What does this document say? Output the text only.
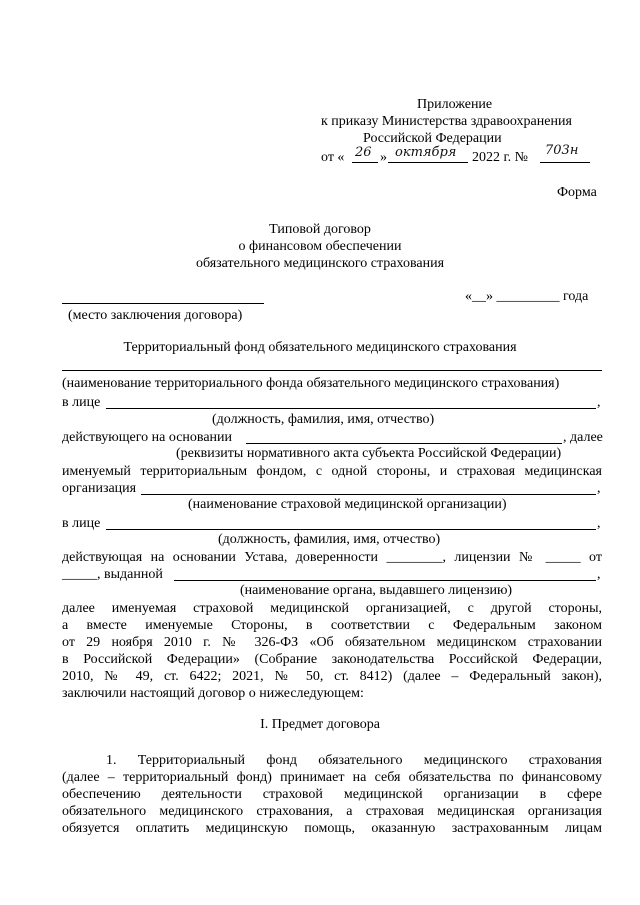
Приложение
к приказу Министерства здравоохранения
Российской Федерации
от « 26 » октября 2022 г. № 703н
Форма
Типовой договор
о финансовом обеспечении
обязательного медицинского страхования
«__» _________ года
(место заключения договора)
Территориальный фонд обязательного медицинского страхования
(наименование территориального фонда обязательного медицинского страхования)
в лице	,
(должность, фамилия, имя, отчество)
действующего на основании	, далее
(реквизиты нормативного акта субъекта Российской Федерации)
именуемый территориальным фондом, с одной стороны, и страховая медицинская
организация	,
(наименование страховой медицинской организации)
в лице	,
(должность, фамилия, имя, отчество)
действующая на основании Устава, доверенности ________, лицензии № _____ от
_____, выданной	,
(наименование органа, выдавшего лицензию)
далее именуемая страховой медицинской организацией, с другой стороны,
а вместе именуемые Стороны, в соответствии с Федеральным законом
от 29 ноября 2010 г. № 326-ФЗ «Об обязательном медицинском страховании
в Российской Федерации» (Собрание законодательства Российской Федерации,
2010, № 49, ст. 6422; 2021, № 50, ст. 8412) (далее – Федеральный закон),
заключили настоящий договор о нижеследующем:
I. Предмет договора
1. Территориальный фонд обязательного медицинского страхования
(далее – территориальный фонд) принимает на себя обязательства по финансовому
обеспечению деятельности страховой медицинской организации в сфере
обязательного медицинского страхования, а страховая медицинская организация
обязуется оплатить медицинскую помощь, оказанную застрахованным лицам
